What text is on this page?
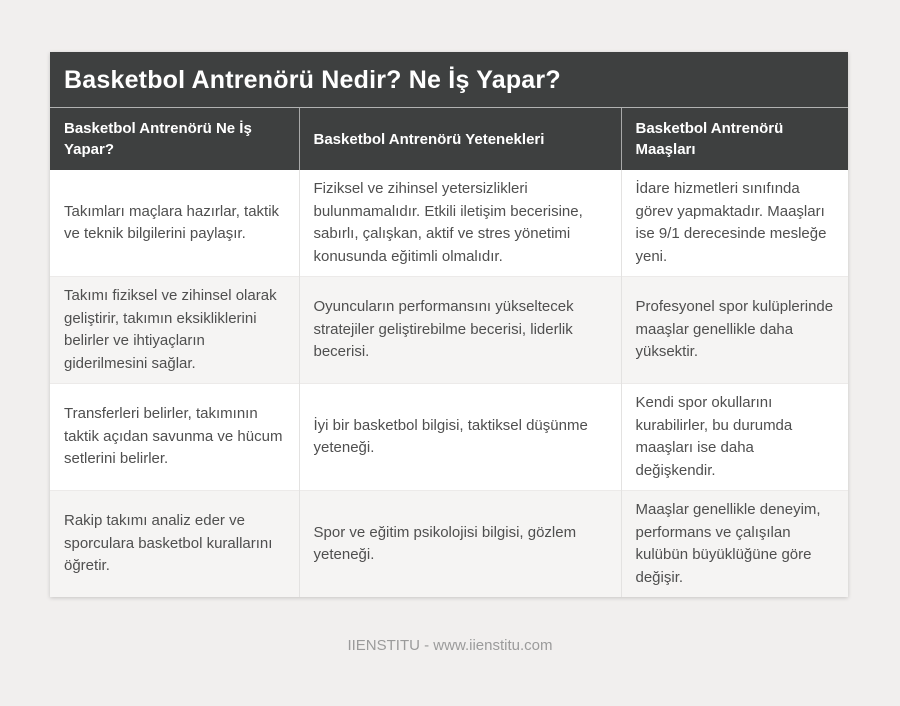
Basketbol Antrenörü Nedir? Ne İş Yapar?
Basketbol Antrenörü Ne İş Yapar?	Basketbol Antrenörü Yetenekleri	Basketbol Antrenörü Maaşları
Takımları maçlara hazırlar, taktik ve teknik bilgilerini paylaşır.	Fiziksel ve zihinsel yetersizlikleri bulunmamalıdır. Etkili iletişim becerisine, sabırlı, çalışkan, aktif ve stres yönetimi konusunda eğitimli olmalıdır.	İdare hizmetleri sınıfında görev yapmaktadır. Maaşları ise 9/1 derecesinde mesleğe yeni.
Takımı fiziksel ve zihinsel olarak geliştirir, takımın eksikliklerini belirler ve ihtiyaçların giderilmesini sağlar.	Oyuncuların performansını yükseltecek stratejiler geliştirebilme becerisi, liderlik becerisi.	Profesyonel spor kulüplerinde maaşlar genellikle daha yüksektir.
Transferleri belirler, takımının taktik açıdan savunma ve hücum setlerini belirler.	İyi bir basketbol bilgisi, taktiksel düşünme yeteneği.	Kendi spor okullarını kurabilirler, bu durumda maaşları ise daha değişkendir.
Rakip takımı analiz eder ve sporculara basketbol kurallarını öğretir.	Spor ve eğitim psikolojisi bilgisi, gözlem yeteneği.	Maaşlar genellikle deneyim, performans ve çalışılan kulübün büyüklüğüne göre değişir.
IIENSTITU - www.iienstitu.com
